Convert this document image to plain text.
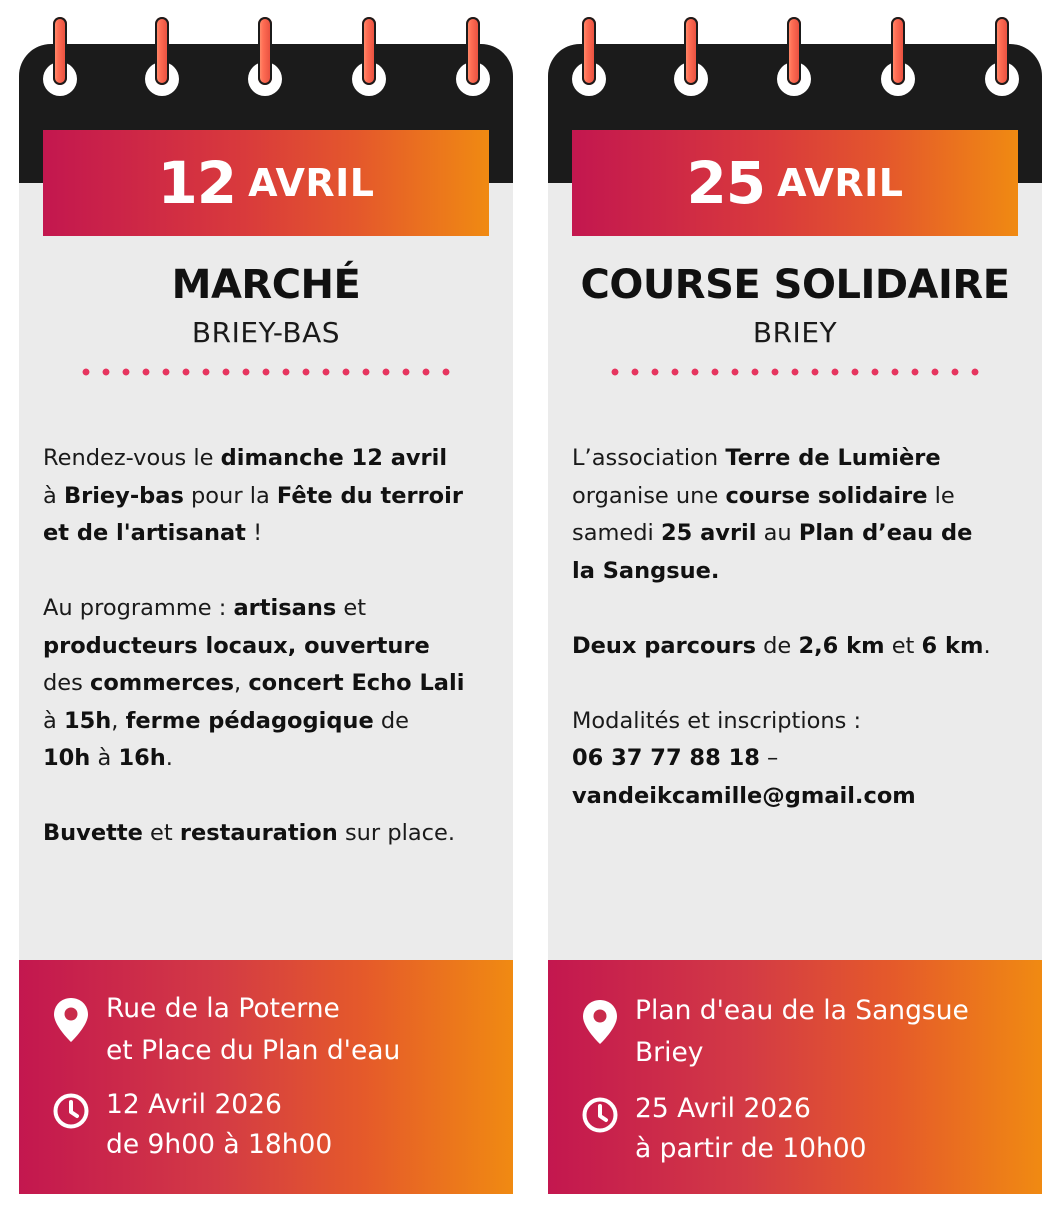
12 AVRIL
MARCHÉ
BRIEY-BAS

Rendez-vous le dimanche 12 avril
à Briey-bas pour la Fête du terroir
et de l'artisanat !

Au programme : artisans et
producteurs locaux, ouverture
des commerces, concert Echo Lali
à 15h, ferme pédagogique de
10h à 16h.

Buvette et restauration sur place.

Rue de la Poterne
et Place du Plan d'eau
12 Avril 2026
de 9h00 à 18h00
25 AVRIL
COURSE SOLIDAIRE
BRIEY

L’association Terre de Lumière
organise une course solidaire le
samedi 25 avril au Plan d’eau de
la Sangsue.

Deux parcours de 2,6 km et 6 km.

Modalités et inscriptions :
06 37 77 88 18 –
vandeikcamille@gmail.com

Plan d'eau de la Sangsue
Briey
25 Avril 2026
à partir de 10h00
